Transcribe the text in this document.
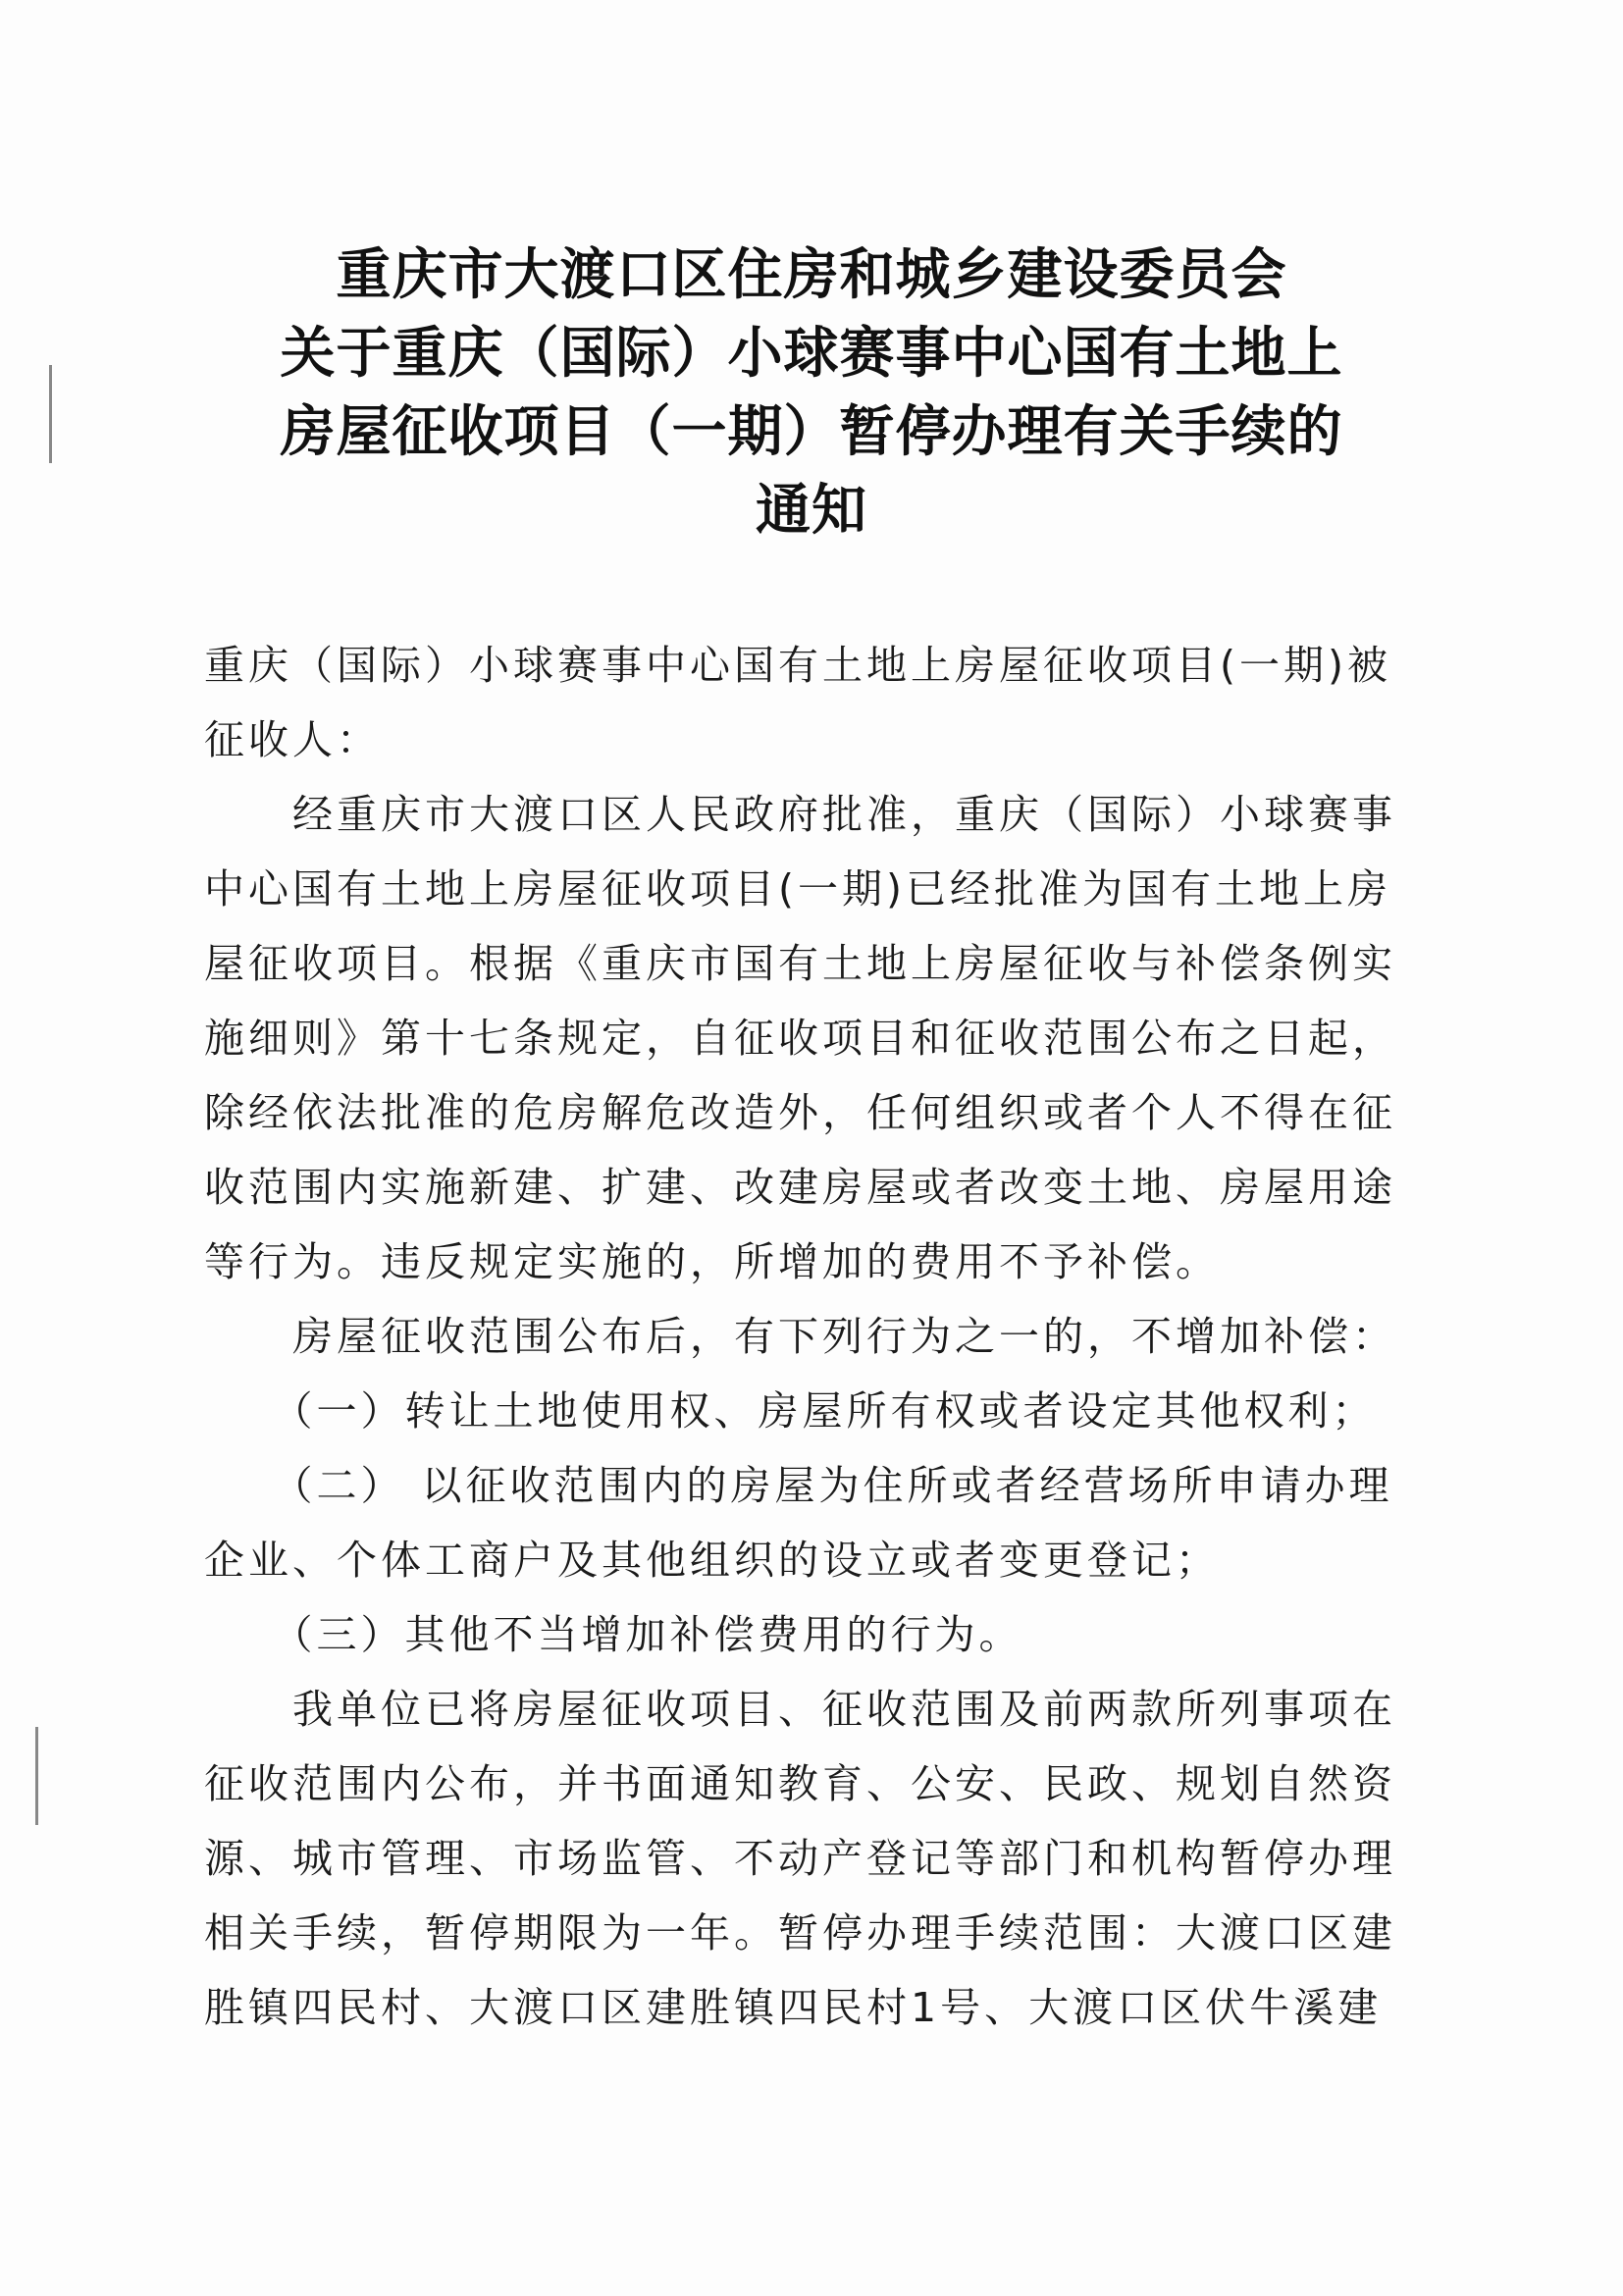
重庆市大渡口区住房和城乡建设委员会
关于重庆（国际）小球赛事中心国有土地上
房屋征收项目（一期）暂停办理有关手续的
通知

重庆（国际）小球赛事中心国有土地上房屋征收项目(一期)被

征收人：

　　经重庆市大渡口区人民政府批准，重庆（国际）小球赛事

中心国有土地上房屋征收项目(一期)已经批准为国有土地上房

屋征收项目。根据《重庆市国有土地上房屋征收与补偿条例实

施细则》第十七条规定，自征收项目和征收范围公布之日起，

除经依法批准的危房解危改造外，任何组织或者个人不得在征

收范围内实施新建、扩建、改建房屋或者改变土地、房屋用途

等行为。违反规定实施的，所增加的费用不予补偿。

　　房屋征收范围公布后，有下列行为之一的，不增加补偿：

　　（一）转让土地使用权、房屋所有权或者设定其他权利；

　　（二） 以征收范围内的房屋为住所或者经营场所申请办理

企业、个体工商户及其他组织的设立或者变更登记；

　　（三）其他不当增加补偿费用的行为。

　　我单位已将房屋征收项目、征收范围及前两款所列事项在

征收范围内公布，并书面通知教育、公安、民政、规划自然资

源、城市管理、市场监管、不动产登记等部门和机构暂停办理

相关手续，暂停期限为一年。暂停办理手续范围：大渡口区建

胜镇四民村、大渡口区建胜镇四民村1号、大渡口区伏牛溪建
